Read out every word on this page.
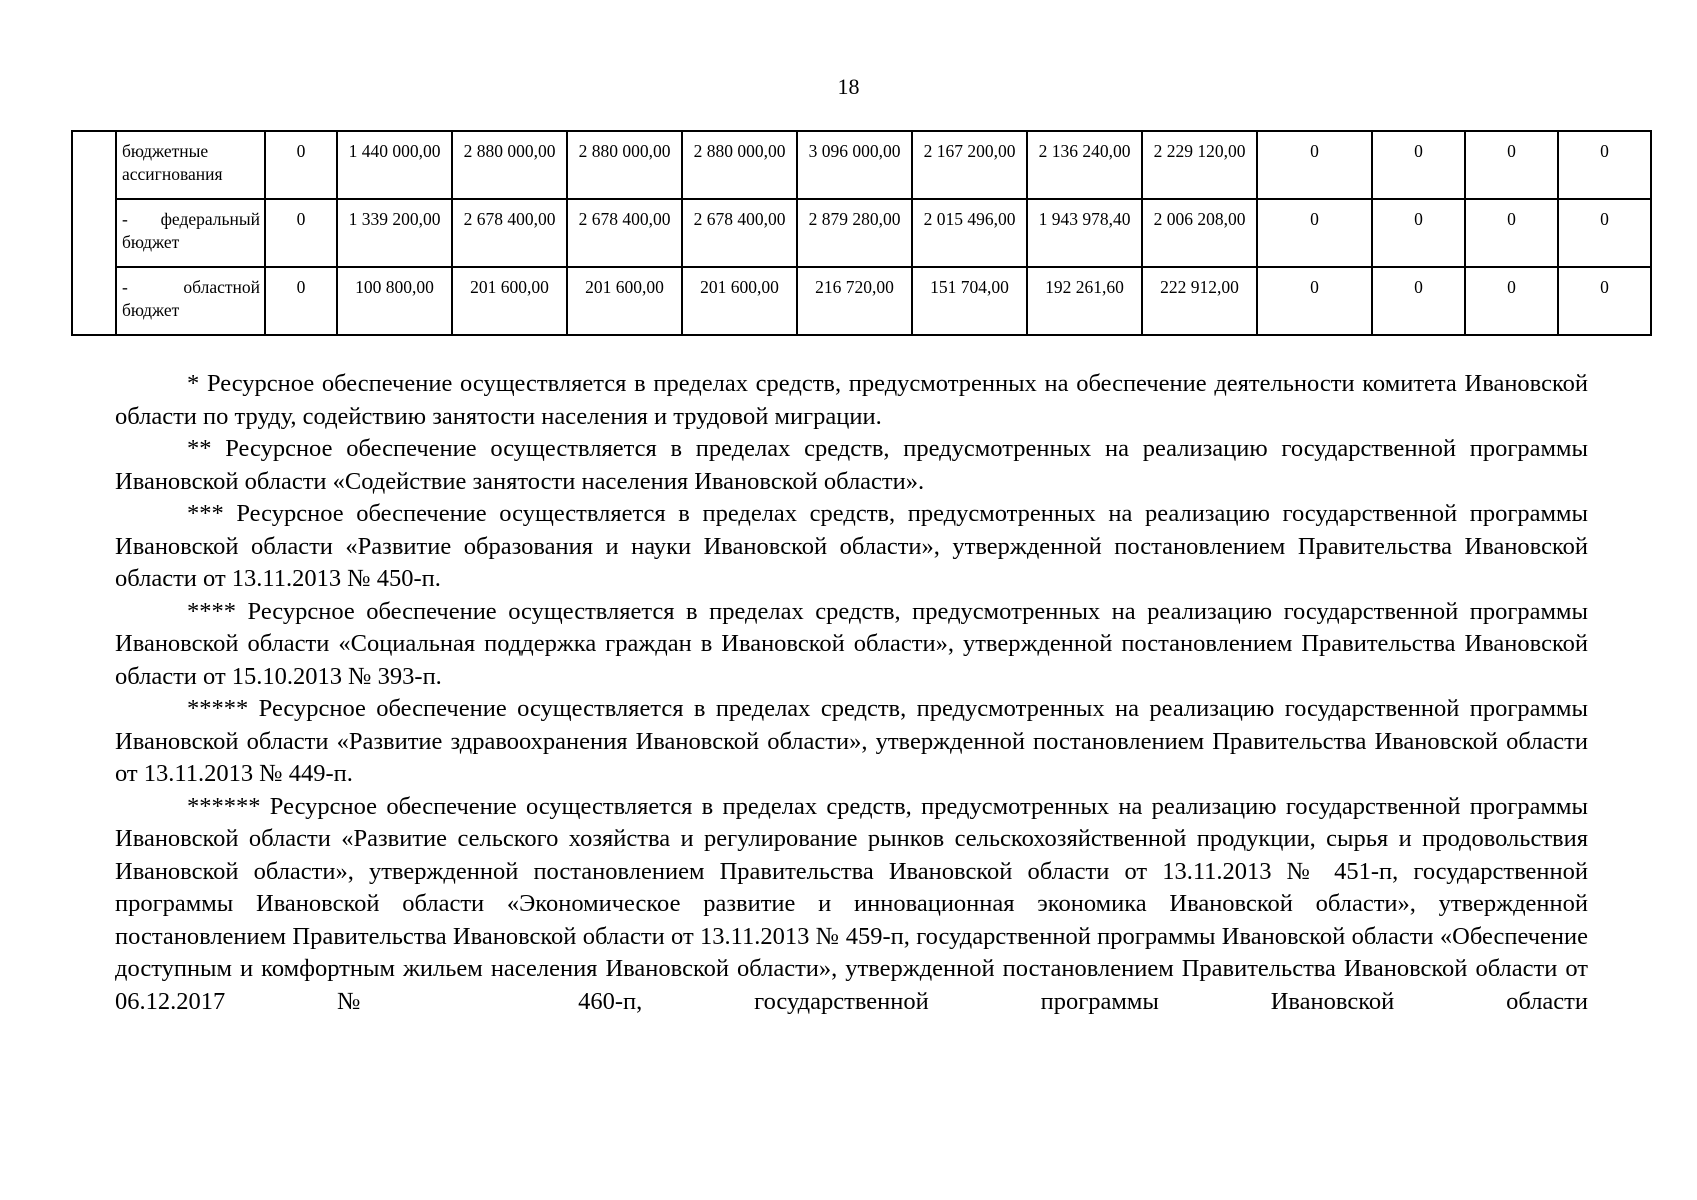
18
	бюджетные ассигнования	0	1 440 000,00	2 880 000,00	2 880 000,00	2 880 000,00	3 096 000,00	2 167 200,00	2 136 240,00	2 229 120,00	0	0	0	0
	- федеральный бюджет	0	1 339 200,00	2 678 400,00	2 678 400,00	2 678 400,00	2 879 280,00	2 015 496,00	1 943 978,40	2 006 208,00	0	0	0	0
	- областной бюджет	0	100 800,00	201 600,00	201 600,00	201 600,00	216 720,00	151 704,00	192 261,60	222 912,00	0	0	0	0

* Ресурсное обеспечение осуществляется в пределах средств, предусмотренных на обеспечение деятельности комитета Ивановской области по труду, содействию занятости населения и трудовой миграции.

** Ресурсное обеспечение осуществляется в пределах средств, предусмотренных на реализацию государственной программы Ивановской области «Содействие занятости населения Ивановской области».

*** Ресурсное обеспечение осуществляется в пределах средств, предусмотренных на реализацию государственной программы Ивановской области «Развитие образования и науки Ивановской области», утвержденной постановлением Правительства Ивановской области от 13.11.2013 № 450-п.

**** Ресурсное обеспечение осуществляется в пределах средств, предусмотренных на реализацию государственной программы Ивановской области «Социальная поддержка граждан в Ивановской области», утвержденной постановлением Правительства Ивановской области от 15.10.2013 № 393-п.

***** Ресурсное обеспечение осуществляется в пределах средств, предусмотренных на реализацию государственной программы Ивановской области «Развитие здравоохранения Ивановской области», утвержденной постановлением Правительства Ивановской области от 13.11.2013 № 449-п.

****** Ресурсное обеспечение осуществляется в пределах средств, предусмотренных на реализацию государственной программы Ивановской области «Развитие сельского хозяйства и регулирование рынков сельскохозяйственной продукции, сырья и продовольствия Ивановской области», утвержденной постановлением Правительства Ивановской области от 13.11.2013 № 451-п, государственной программы Ивановской области «Экономическое развитие и инновационная экономика Ивановской области», утвержденной постановлением Правительства Ивановской области от 13.11.2013 № 459-п, государственной программы Ивановской области «Обеспечение доступным и комфортным жильем населения Ивановской области», утвержденной постановлением Правительства Ивановской области от 06.12.2017 № 460-п, государственной программы Ивановской области
